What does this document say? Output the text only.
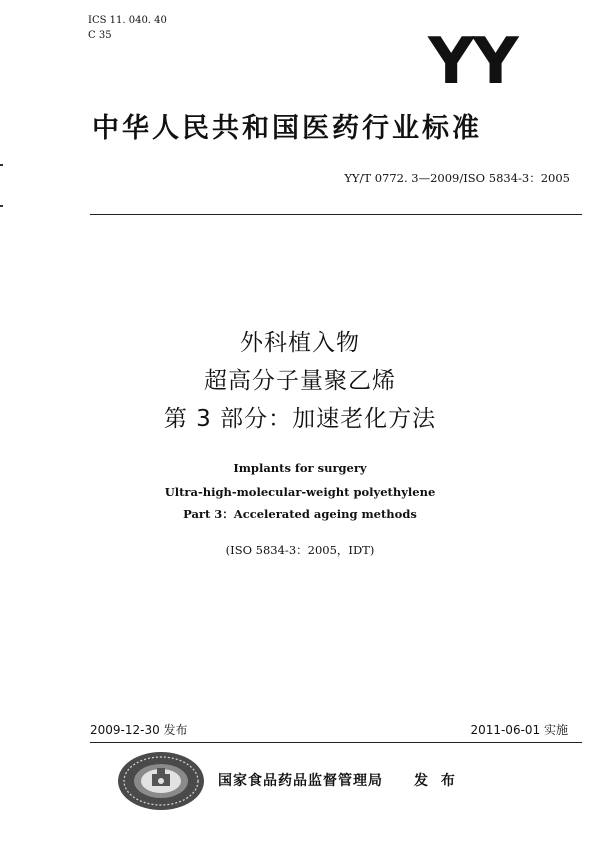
ICS 11. 040. 40
C 35	YY
中华人民共和国医药行业标准
YY/T 0772. 3—2009/ISO 5834-3：2005
外科植入物
超高分子量聚乙烯
第 3 部分：加速老化方法
Implants for surgery
Ultra-high-molecular-weight polyethylene
Part 3：Accelerated ageing methods
(ISO 5834-3：2005，IDT)
2009-12-30 发布	2011-06-01 实施
国家食品药品监督管理局 发 布
